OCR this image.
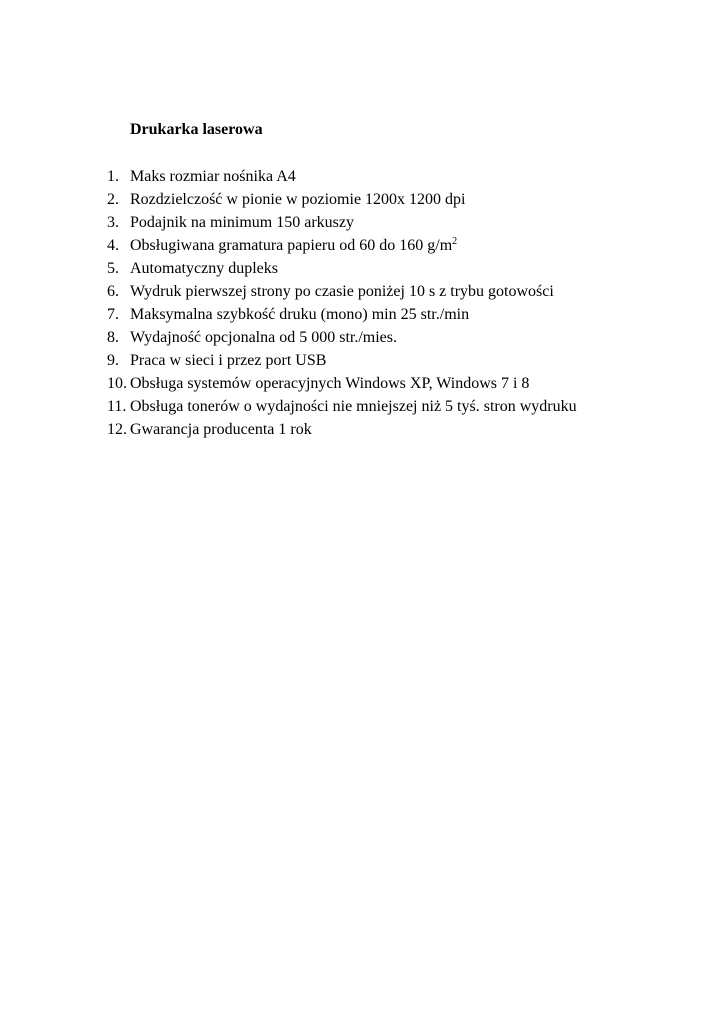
Drukarka laserowa
1. Maks rozmiar nośnika A4
2. Rozdzielczość w pionie w poziomie 1200x 1200 dpi
3. Podajnik na minimum 150 arkuszy
4. Obsługiwana gramatura papieru od 60 do 160 $g/m^2$
5. Automatyczny dupleks
6. Wydruk pierwszej strony po czasie poniżej 10 s z trybu gotowości
7. Maksymalna szybkość druku (mono) min 25 str./min
8. Wydajność opcjonalna od 5 000 str./mies.
9. Praca w sieci i przez port USB
10. Obsługa systemów operacyjnych Windows XP, Windows 7 i 8
11. Obsługa tonerów o wydajności nie mniejszej niż 5 tyś. stron wydruku
12. Gwarancja producenta 1 rok
